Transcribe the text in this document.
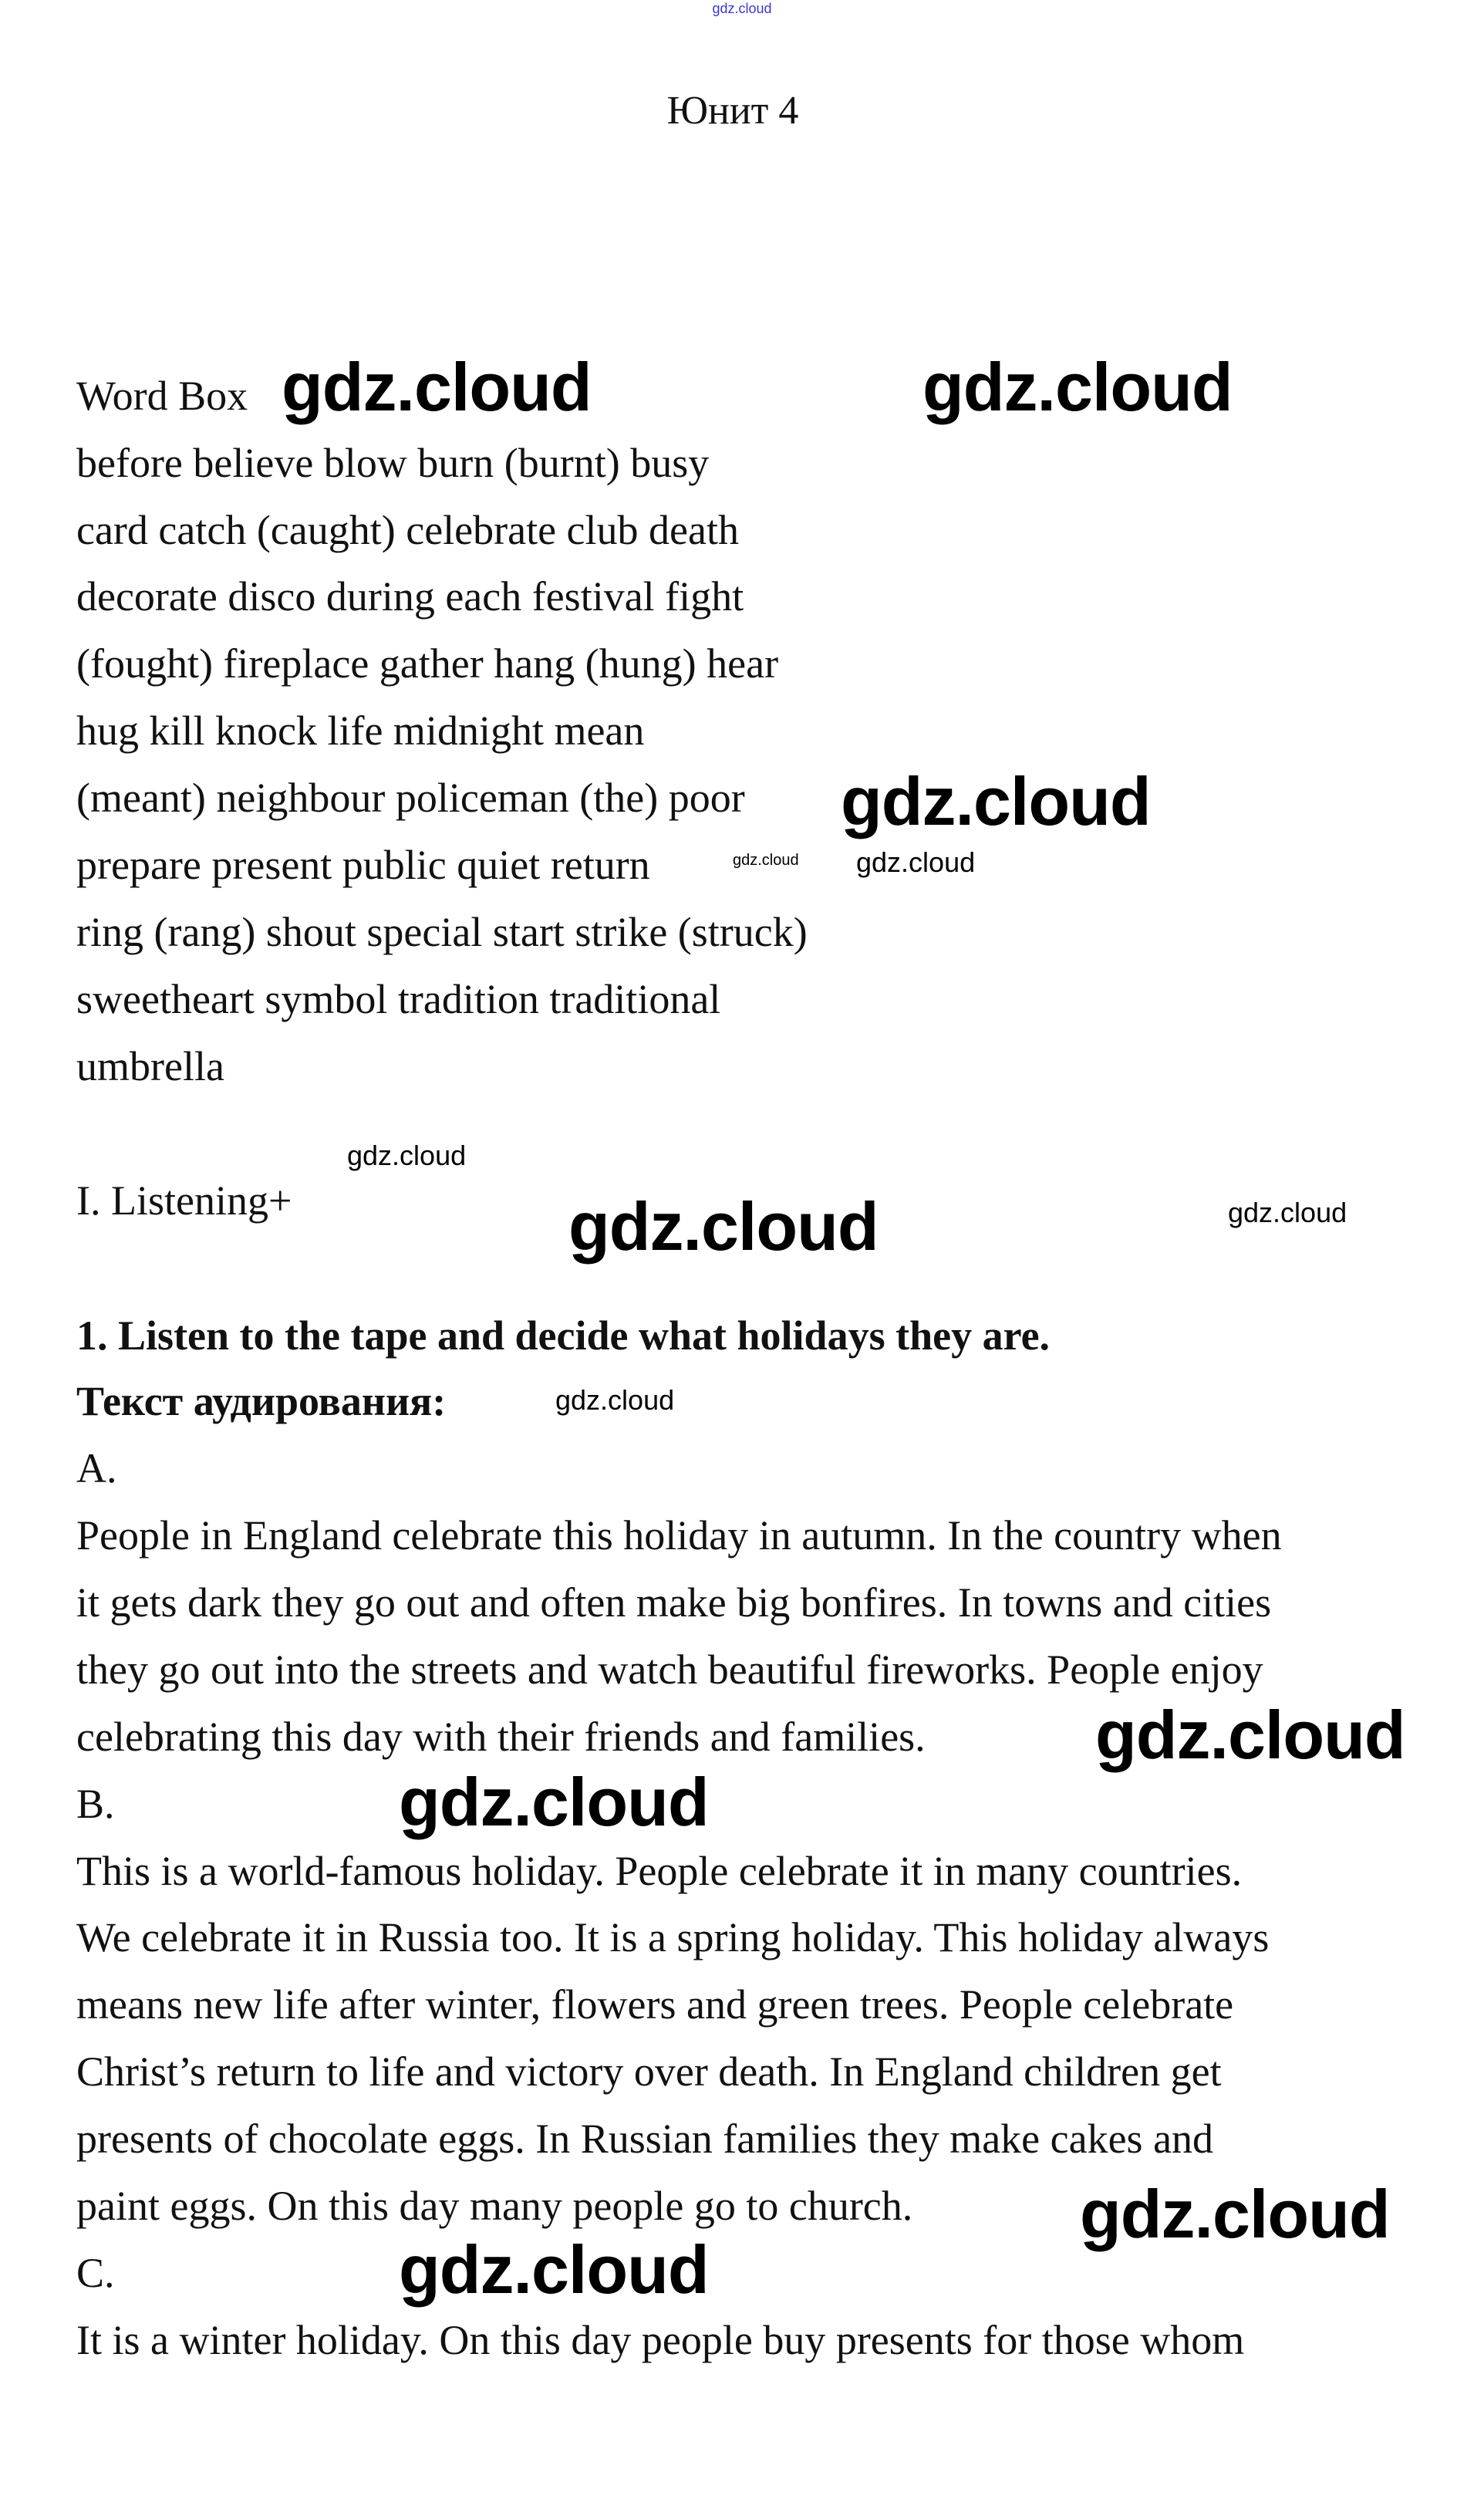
gdz.cloud
Юнит 4
Word Box
before believe blow burn (burnt) busy
card catch (caught) celebrate club death
decorate disco during each festival fight
(fought) fireplace gather hang (hung) hear
hug kill knock life midnight mean
(meant) neighbour policeman (the) poor
prepare present public quiet return
ring (rang) shout special start strike (struck)
sweetheart symbol tradition traditional
umbrella
I. Listening+
1. Listen to the tape and decide what holidays they are.
Текст аудирования:
A.
People in England celebrate this holiday in autumn. In the country when
it gets dark they go out and often make big bonfires. In towns and cities
they go out into the streets and watch beautiful fireworks. People enjoy
celebrating this day with their friends and families.
B.
This is a world-famous holiday. People celebrate it in many countries.
We celebrate it in Russia too. It is a spring holiday. This holiday always
means new life after winter, flowers and green trees. People celebrate
Christ’s return to life and victory over death. In England children get
presents of chocolate eggs. In Russian families they make cakes and
paint eggs. On this day many people go to church.
C.
It is a winter holiday. On this day people buy presents for those whom
gdz.cloud	gdz.cloud
gdz.cloud
gdz.cloud
gdz.cloud
gdz.cloud
gdz.cloud	gdz.cloud
gdz.cloud
gdz.cloud
gdz.cloud
gdz.cloud
gdz.cloud
